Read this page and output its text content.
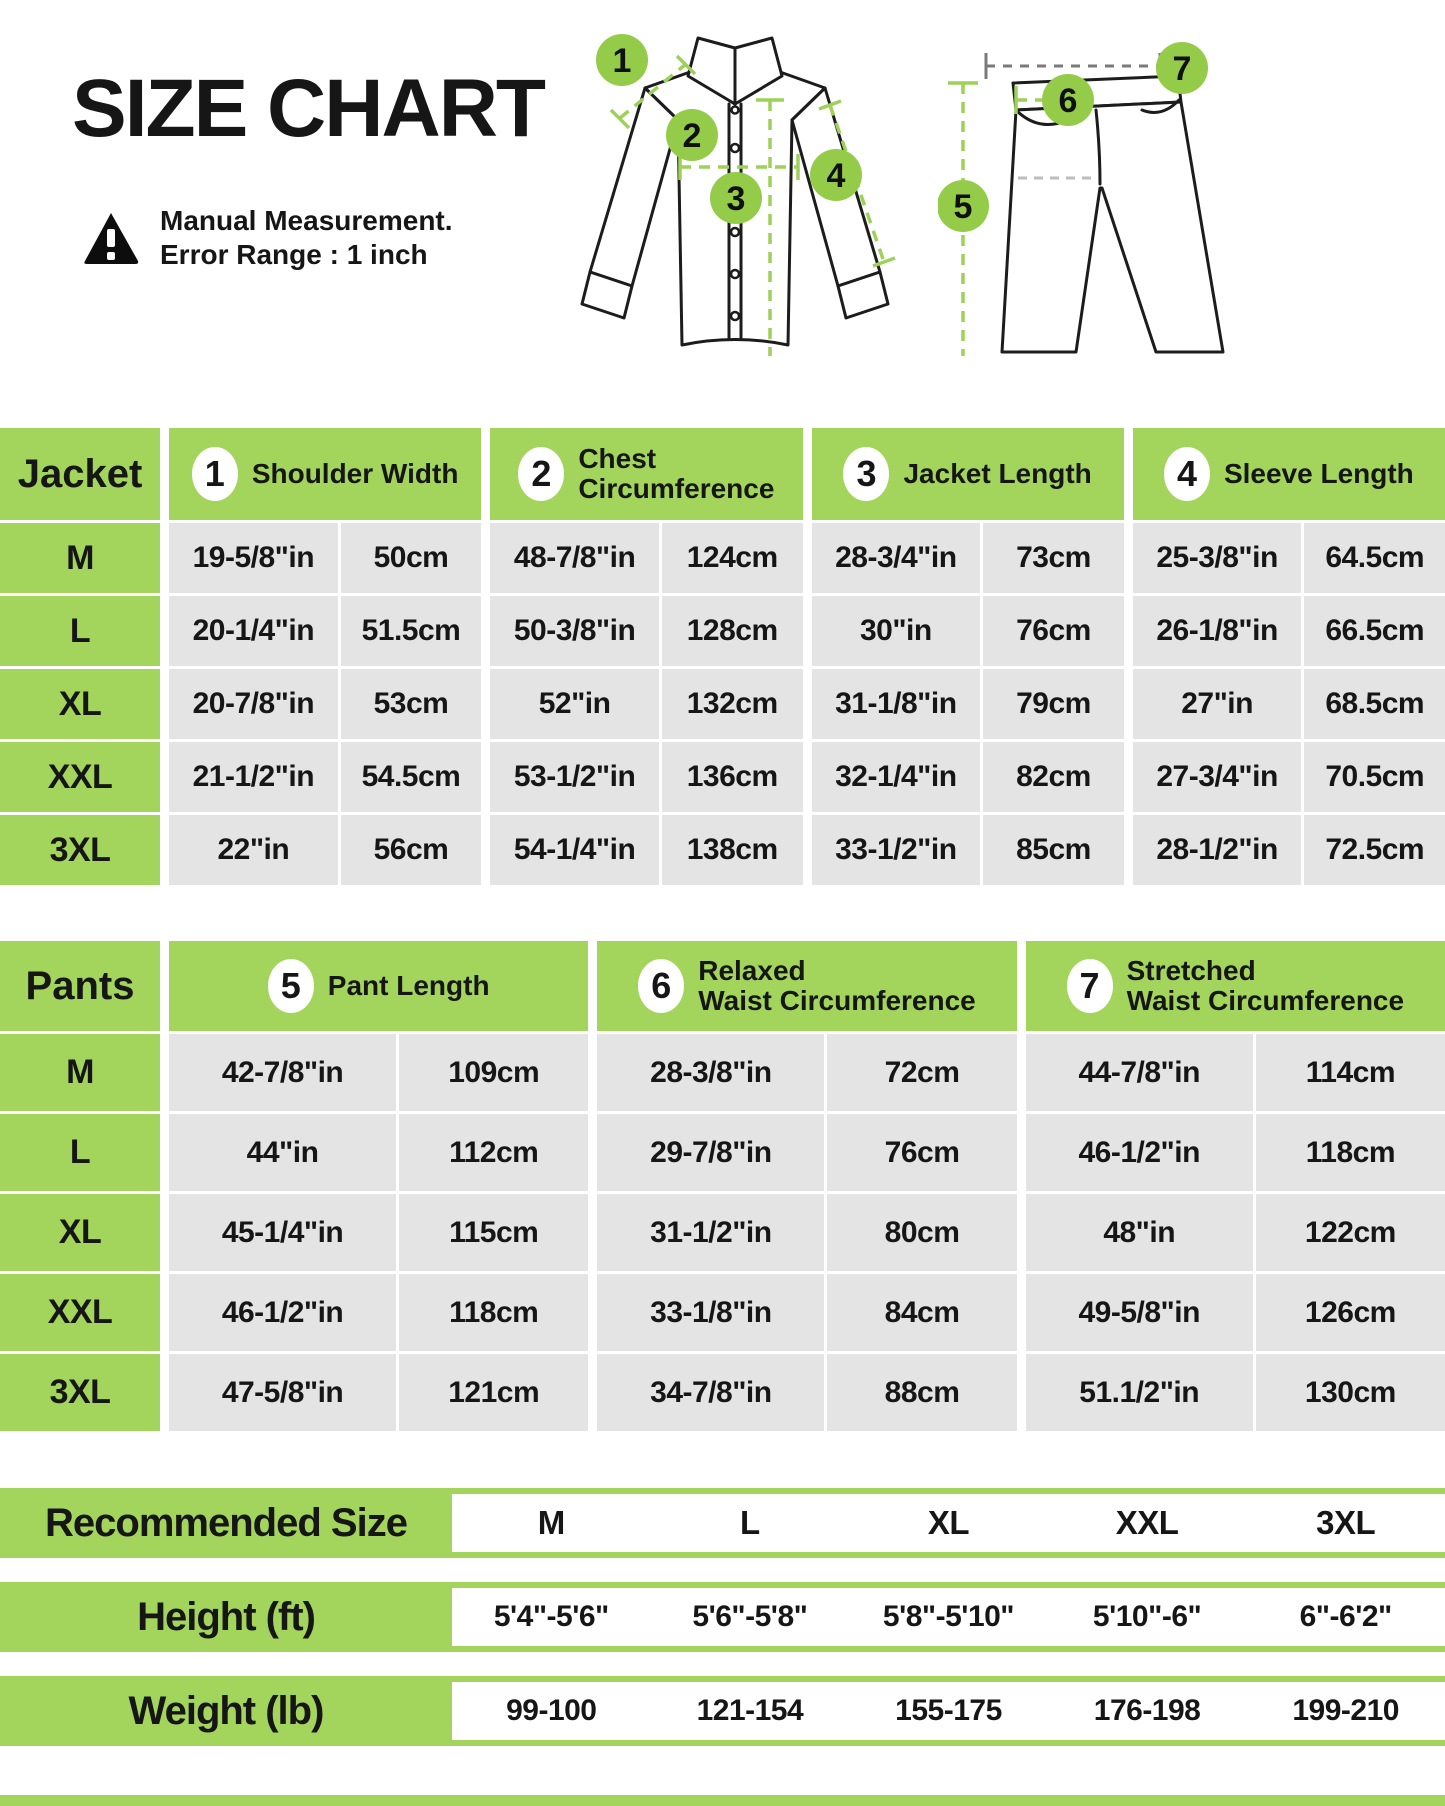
SIZE CHART
Manual Measurement.
Error Range : 1 inch
1
2
3
4
5
6
7
Jacket	1 Shoulder Width	2 Chest
Circumference	3 Jacket Length	4 Sleeve Length
M	19-5/8"in	50cm	48-7/8"in	124cm	28-3/4"in	73cm	25-3/8"in	64.5cm
L	20-1/4"in	51.5cm	50-3/8"in	128cm	30"in	76cm	26-1/8"in	66.5cm
XL	20-7/8"in	53cm	52"in	132cm	31-1/8"in	79cm	27"in	68.5cm
XXL	21-1/2"in	54.5cm	53-1/2"in	136cm	32-1/4"in	82cm	27-3/4"in	70.5cm
3XL	22"in	56cm	54-1/4"in	138cm	33-1/2"in	85cm	28-1/2"in	72.5cm
Pants	5 Pant Length	6 Relaxed
Waist Circumference	7 Stretched
Waist Circumference
M	42-7/8"in	109cm	28-3/8"in	72cm	44-7/8"in	114cm
L	44"in	112cm	29-7/8"in	76cm	46-1/2"in	118cm
XL	45-1/4"in	115cm	31-1/2"in	80cm	48"in	122cm
XXL	46-1/2"in	118cm	33-1/8"in	84cm	49-5/8"in	126cm
3XL	47-5/8"in	121cm	34-7/8"in	88cm	51.1/2"in	130cm
Recommended Size	M	L	XL	XXL	3XL
Height (ft)	5'4"-5'6"	5'6"-5'8"	5'8"-5'10"	5'10"-6"	6"-6'2"
Weight (lb)	99-100	121-154	155-175	176-198	199-210
